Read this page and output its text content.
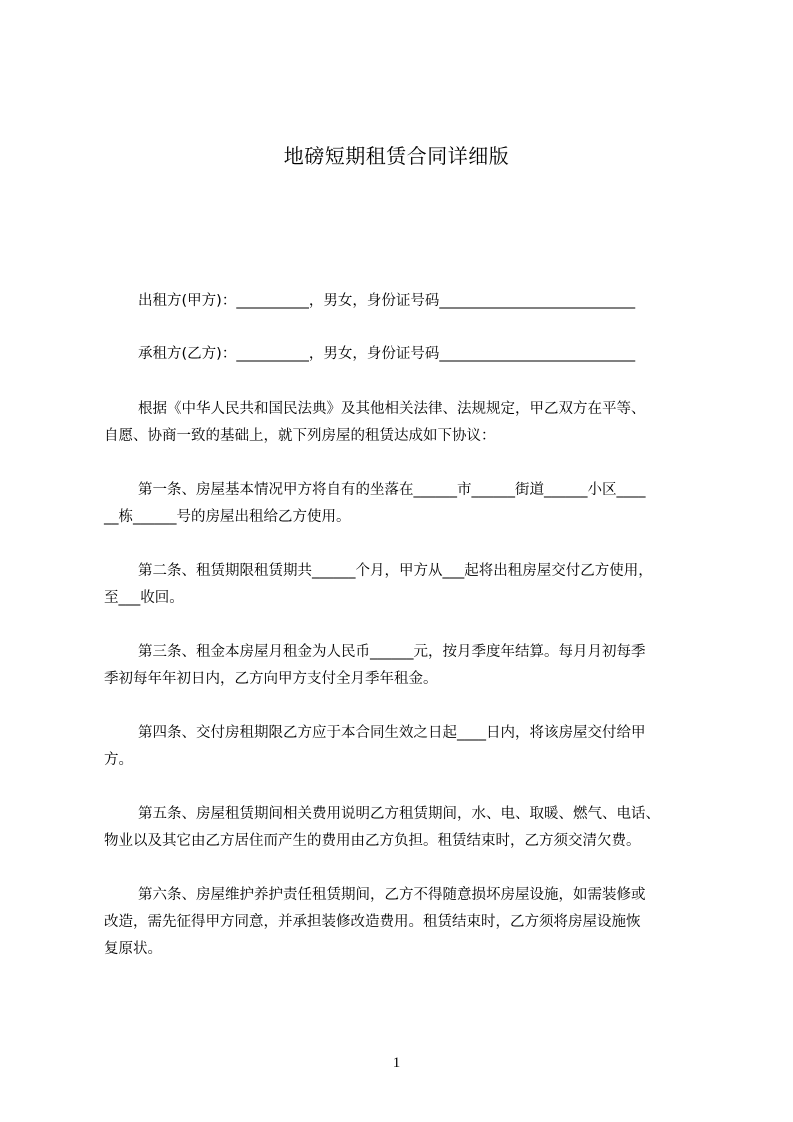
地磅短期租赁合同详细版
出租方(甲方)：__________，男女，身份证号码___________________________
承租方(乙方)：__________，男女，身份证号码___________________________
根据《中华人民共和国民法典》及其他相关法律、法规规定，甲乙双方在平等、
自愿、协商一致的基础上，就下列房屋的租赁达成如下协议：
第一条、房屋基本情况甲方将自有的坐落在______市______街道______小区____
__栋______号的房屋出租给乙方使用。
第二条、租赁期限租赁期共______个月，甲方从___起将出租房屋交付乙方使用，
至___收回。
第三条、租金本房屋月租金为人民币______元，按月季度年结算。每月月初每季
季初每年年初日内，乙方向甲方支付全月季年租金。
第四条、交付房租期限乙方应于本合同生效之日起____日内，将该房屋交付给甲
方。
第五条、房屋租赁期间相关费用说明乙方租赁期间，水、电、取暖、燃气、电话、
物业以及其它由乙方居住而产生的费用由乙方负担。租赁结束时，乙方须交清欠费。
第六条、房屋维护养护责任租赁期间，乙方不得随意损坏房屋设施，如需装修或
改造，需先征得甲方同意，并承担装修改造费用。租赁结束时，乙方须将房屋设施恢
复原状。
1
